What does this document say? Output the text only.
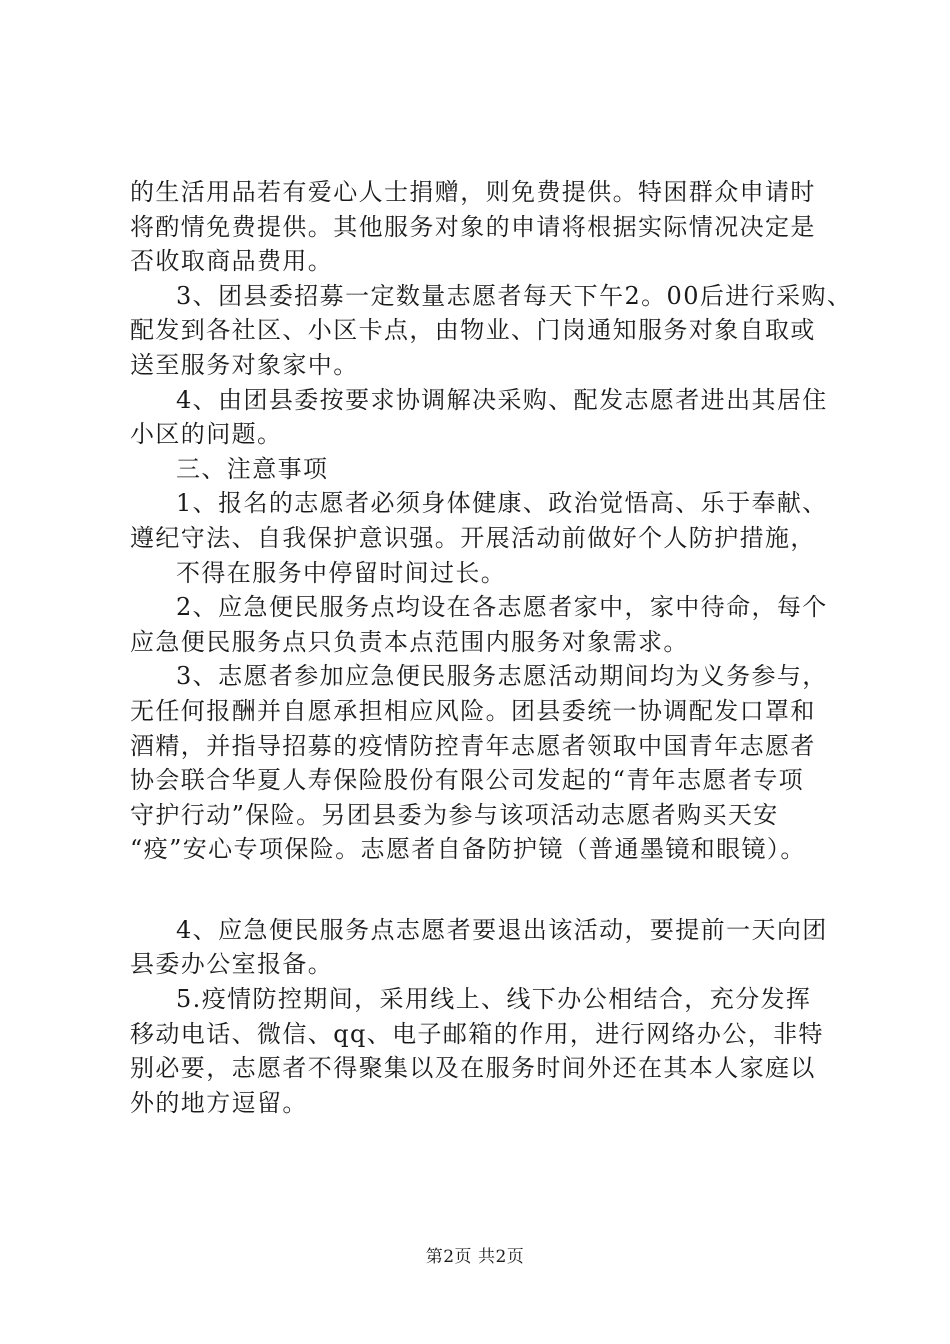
的生活用品若有爱心人士捐赠，则免费提供。特困群众申请时
将酌情免费提供。其他服务对象的申请将根据实际情况决定是
否收取商品费用。
3、团县委招募一定数量志愿者每天下午2。00后进行采购、
配发到各社区、小区卡点，由物业、门岗通知服务对象自取或
送至服务对象家中。
4、由团县委按要求协调解决采购、配发志愿者进出其居住
小区的问题。
三、注意事项
1、报名的志愿者必须身体健康、政治觉悟高、乐于奉献、
遵纪守法、自我保护意识强。开展活动前做好个人防护措施，
不得在服务中停留时间过长。
2、应急便民服务点均设在各志愿者家中，家中待命，每个
应急便民服务点只负责本点范围内服务对象需求。
3、志愿者参加应急便民服务志愿活动期间均为义务参与，
无任何报酬并自愿承担相应风险。团县委统一协调配发口罩和
酒精，并指导招募的疫情防控青年志愿者领取中国青年志愿者
协会联合华夏人寿保险股份有限公司发起的“青年志愿者专项
守护行动”保险。另团县委为参与该项活动志愿者购买天安
“疫”安心专项保险。志愿者自备防护镜（普通墨镜和眼镜）。
4、应急便民服务点志愿者要退出该活动，要提前一天向团
县委办公室报备。
5.疫情防控期间，采用线上、线下办公相结合，充分发挥
移动电话、微信、qq、电子邮箱的作用，进行网络办公，非特
别必要，志愿者不得聚集以及在服务时间外还在其本人家庭以
外的地方逗留。
第2页 共2页
